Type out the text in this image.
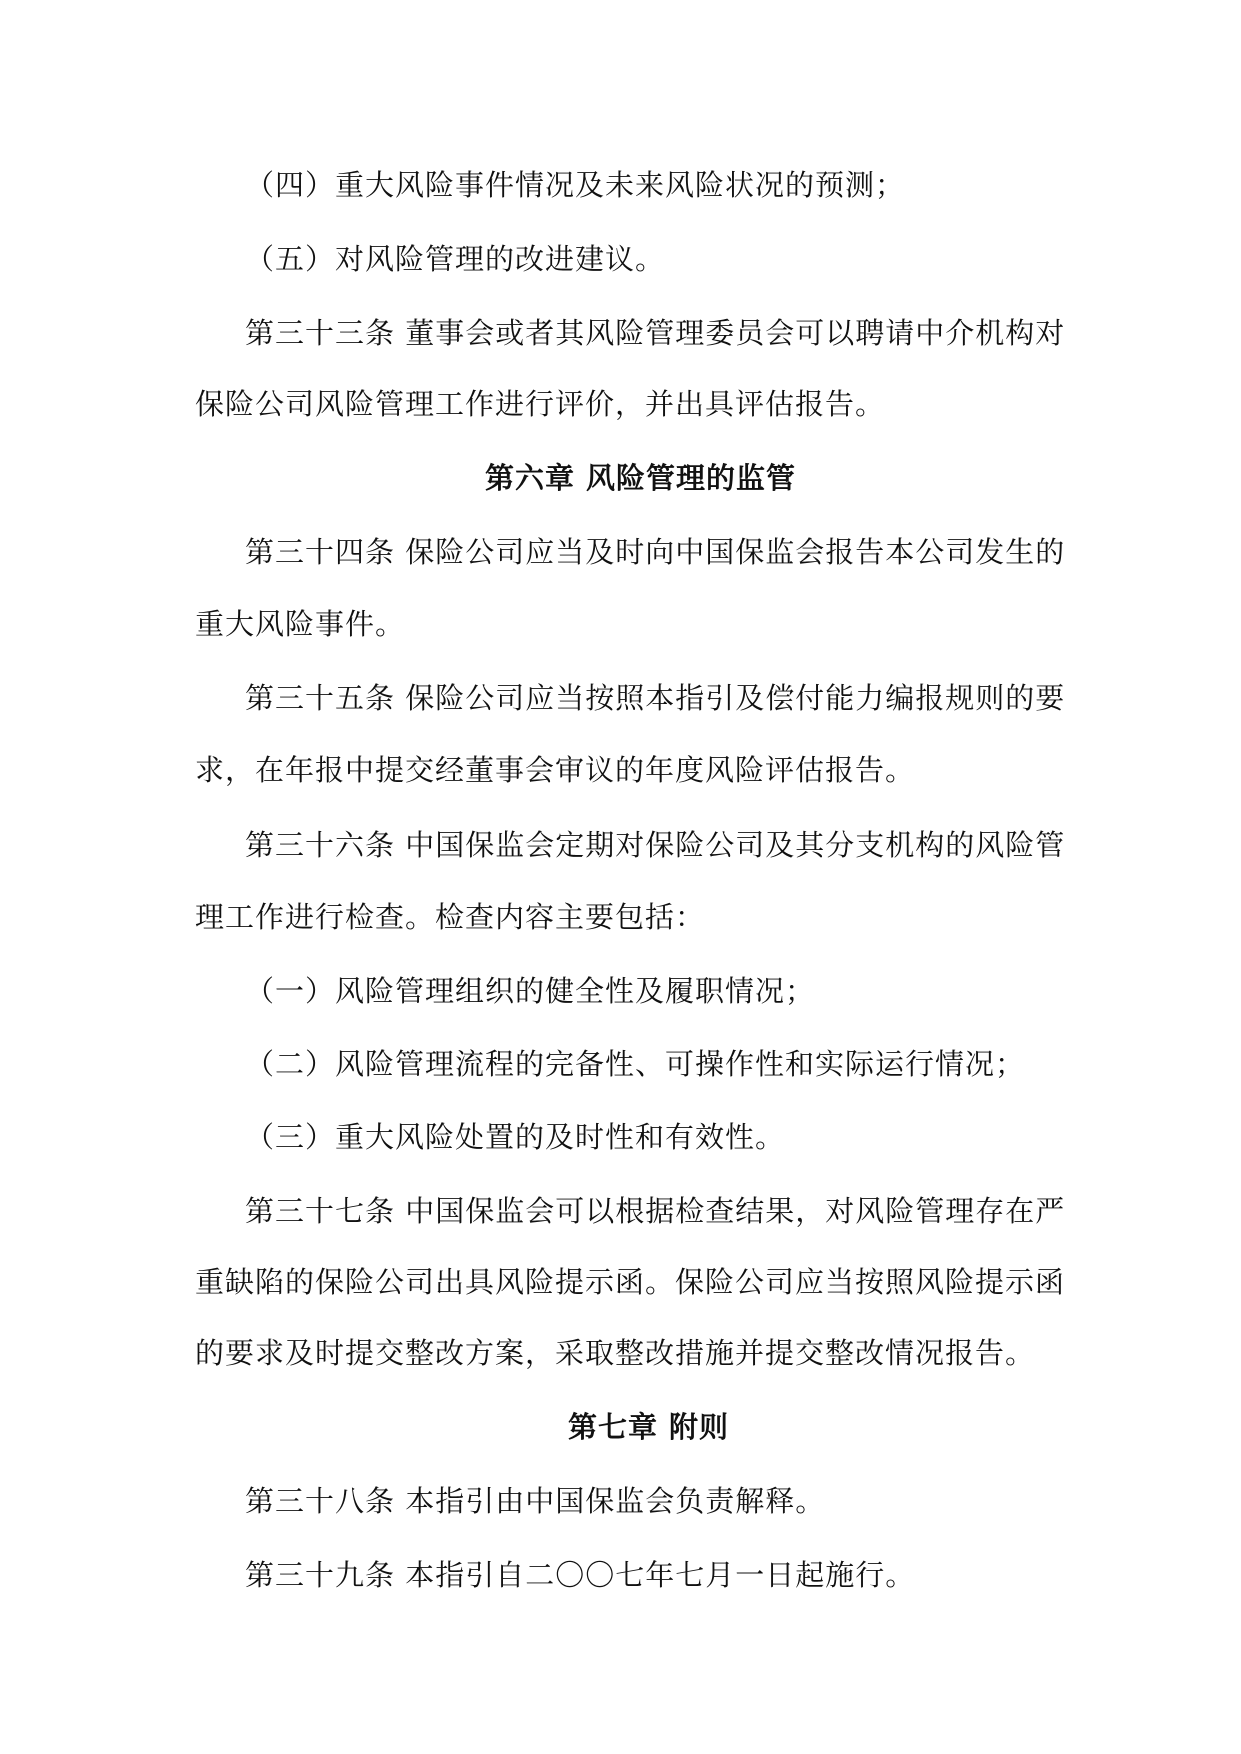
（四）重大风险事件情况及未来风险状况的预测；
（五）对风险管理的改进建议。
第三十三条 董事会或者其风险管理委员会可以聘请中介机构对
保险公司风险管理工作进行评价，并出具评估报告。
第六章 风险管理的监管
第三十四条 保险公司应当及时向中国保监会报告本公司发生的
重大风险事件。
第三十五条 保险公司应当按照本指引及偿付能力编报规则的要
求，在年报中提交经董事会审议的年度风险评估报告。
第三十六条 中国保监会定期对保险公司及其分支机构的风险管
理工作进行检查。检查内容主要包括：
（一）风险管理组织的健全性及履职情况；
（二）风险管理流程的完备性、可操作性和实际运行情况；
（三）重大风险处置的及时性和有效性。
第三十七条 中国保监会可以根据检查结果，对风险管理存在严
重缺陷的保险公司出具风险提示函。保险公司应当按照风险提示函
的要求及时提交整改方案，采取整改措施并提交整改情况报告。
第七章 附则
第三十八条 本指引由中国保监会负责解释。
第三十九条 本指引自二〇〇七年七月一日起施行。
